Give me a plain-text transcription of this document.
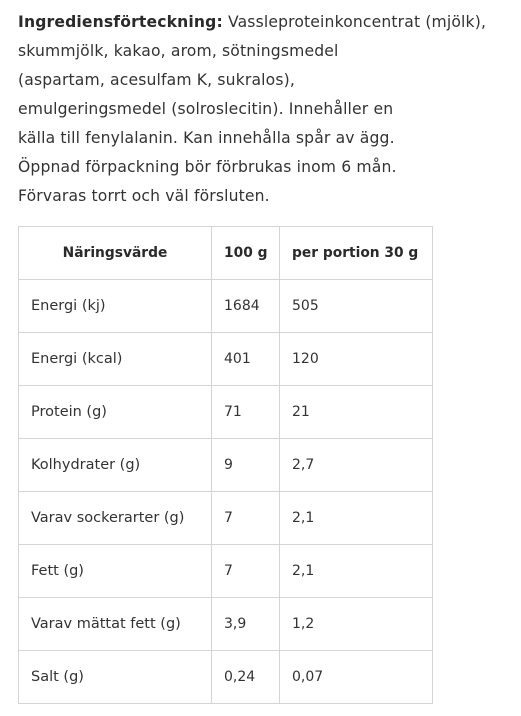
Ingrediensförteckning: Vassleproteinkoncentrat (mjölk),
skummjölk, kakao, arom, sötningsmedel
(aspartam, acesulfam K, sukralos),
emulgeringsmedel (solroslecitin). Innehåller en
källa till fenylalanin. Kan innehålla spår av ägg.
Öppnad förpackning bör förbrukas inom 6 mån.
Förvaras torrt och väl försluten.

Näringsvärde	100 g	per portion 30 g
Energi (kj)	1684	505
Energi (kcal)	401	120
Protein (g)	71	21
Kolhydrater (g)	9	2,7
Varav sockerarter (g)	7	2,1
Fett (g)	7	2,1
Varav mättat fett (g)	3,9	1,2
Salt (g)	0,24	0,07
